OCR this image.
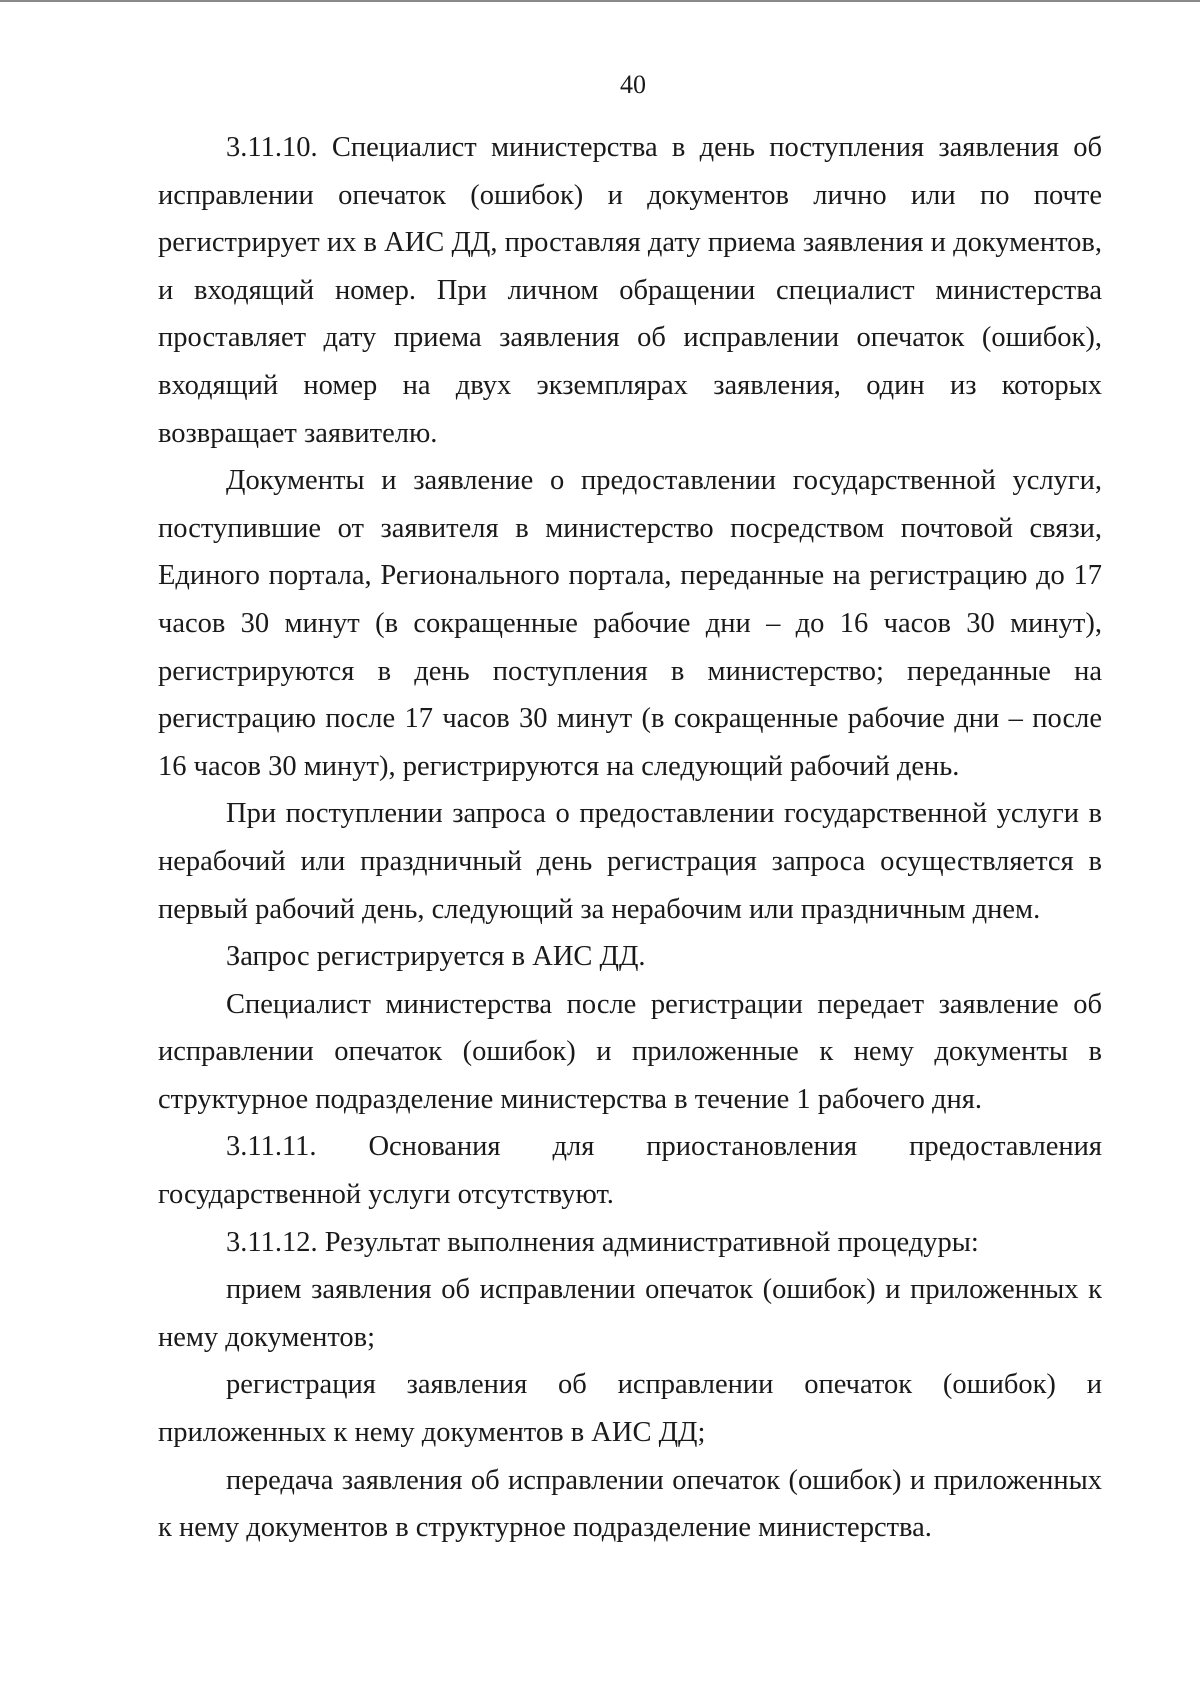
40

3.11.10. Специалист министерства в день поступления заявления об исправлении опечаток (ошибок) и документов лично или по почте регистрирует их в АИС ДД, проставляя дату приема заявления и документов, и входящий номер. При личном обращении специалист министерства проставляет дату приема заявления об исправлении опечаток (ошибок), входящий номер на двух экземплярах заявления, один из которых возвращает заявителю.

Документы и заявление о предоставлении государственной услуги, поступившие от заявителя в министерство посредством почтовой связи, Единого портала, Регионального портала, переданные на регистрацию до 17 часов 30 минут (в сокращенные рабочие дни – до 16 часов 30 минут), регистрируются в день поступления в министерство; переданные на регистрацию после 17 часов 30 минут (в сокращенные рабочие дни – после 16 часов 30 минут), регистрируются на следующий рабочий день.

При поступлении запроса о предоставлении государственной услуги в нерабочий или праздничный день регистрация запроса осуществляется в первый рабочий день, следующий за нерабочим или праздничным днем.

Запрос регистрируется в АИС ДД.

Специалист министерства после регистрации передает заявление об исправлении опечаток (ошибок) и приложенные к нему документы в структурное подразделение министерства в течение 1 рабочего дня.

3.11.11. Основания для приостановления предоставления государственной услуги отсутствуют.

3.11.12. Результат выполнения административной процедуры:

прием заявления об исправлении опечаток (ошибок) и приложенных к нему документов;

регистрация заявления об исправлении опечаток (ошибок) и приложенных к нему документов в АИС ДД;

передача заявления об исправлении опечаток (ошибок) и приложенных к нему документов в структурное подразделение министерства.
